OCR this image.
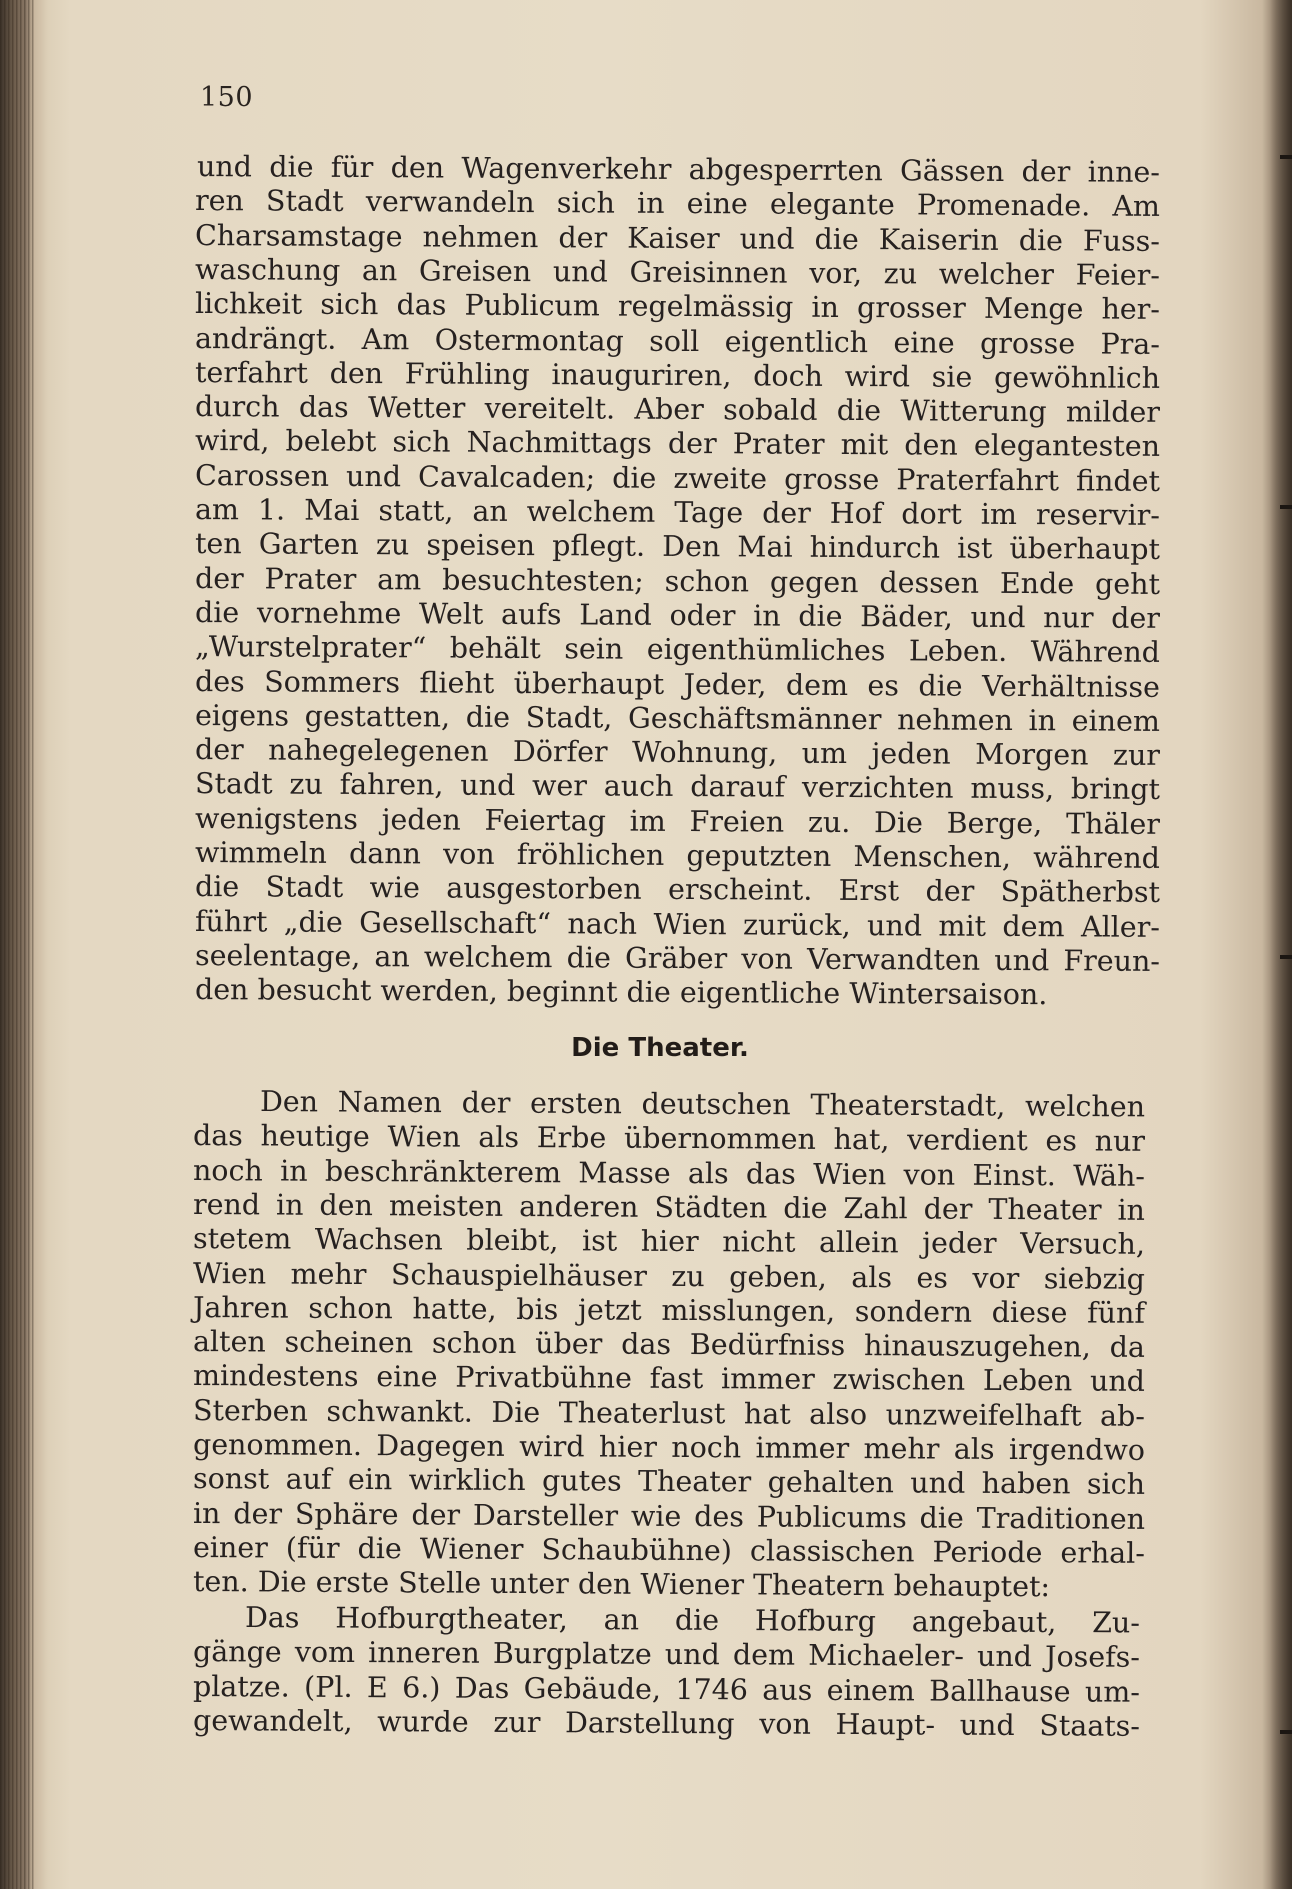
150
und die für den Wagenverkehr abgesperrten Gässen der inne-
ren Stadt verwandeln sich in eine elegante Promenade. Am
Charsamstage nehmen der Kaiser und die Kaiserin die Fuss-
waschung an Greisen und Greisinnen vor, zu welcher Feier-
lichkeit sich das Publicum regelmässig in grosser Menge her-
andrängt. Am Ostermontag soll eigentlich eine grosse Pra-
terfahrt den Frühling inauguriren, doch wird sie gewöhnlich
durch das Wetter vereitelt. Aber sobald die Witterung milder
wird, belebt sich Nachmittags der Prater mit den elegantesten
Carossen und Cavalcaden; die zweite grosse Praterfahrt findet
am 1. Mai statt, an welchem Tage der Hof dort im reservir-
ten Garten zu speisen pflegt. Den Mai hindurch ist überhaupt
der Prater am besuchtesten; schon gegen dessen Ende geht
die vornehme Welt aufs Land oder in die Bäder, und nur der
„Wurstelprater“ behält sein eigenthümliches Leben. Während
des Sommers flieht überhaupt Jeder, dem es die Verhältnisse
eigens gestatten, die Stadt, Geschäftsmänner nehmen in einem
der nahegelegenen Dörfer Wohnung, um jeden Morgen zur
Stadt zu fahren, und wer auch darauf verzichten muss, bringt
wenigstens jeden Feiertag im Freien zu. Die Berge, Thäler
wimmeln dann von fröhlichen geputzten Menschen, während
die Stadt wie ausgestorben erscheint. Erst der Spätherbst
führt „die Gesellschaft“ nach Wien zurück, und mit dem Aller-
seelentage, an welchem die Gräber von Verwandten und Freun-
den besucht werden, beginnt die eigentliche Wintersaison.
Die Theater.
Den Namen der ersten deutschen Theaterstadt, welchen
das heutige Wien als Erbe übernommen hat, verdient es nur
noch in beschränkterem Masse als das Wien von Einst. Wäh-
rend in den meisten anderen Städten die Zahl der Theater in
stetem Wachsen bleibt, ist hier nicht allein jeder Versuch,
Wien mehr Schauspielhäuser zu geben, als es vor siebzig
Jahren schon hatte, bis jetzt misslungen, sondern diese fünf
alten scheinen schon über das Bedürfniss hinauszugehen, da
mindestens eine Privatbühne fast immer zwischen Leben und
Sterben schwankt. Die Theaterlust hat also unzweifelhaft ab-
genommen. Dagegen wird hier noch immer mehr als irgendwo
sonst auf ein wirklich gutes Theater gehalten und haben sich
in der Sphäre der Darsteller wie des Publicums die Traditionen
einer (für die Wiener Schaubühne) classischen Periode erhal-
ten. Die erste Stelle unter den Wiener Theatern behauptet:
Das Hofburgtheater, an die Hofburg angebaut, Zu-
gänge vom inneren Burgplatze und dem Michaeler- und Josefs-
platze. (Pl. E 6.) Das Gebäude, 1746 aus einem Ballhause um-
gewandelt, wurde zur Darstellung von Haupt- und Staats-
